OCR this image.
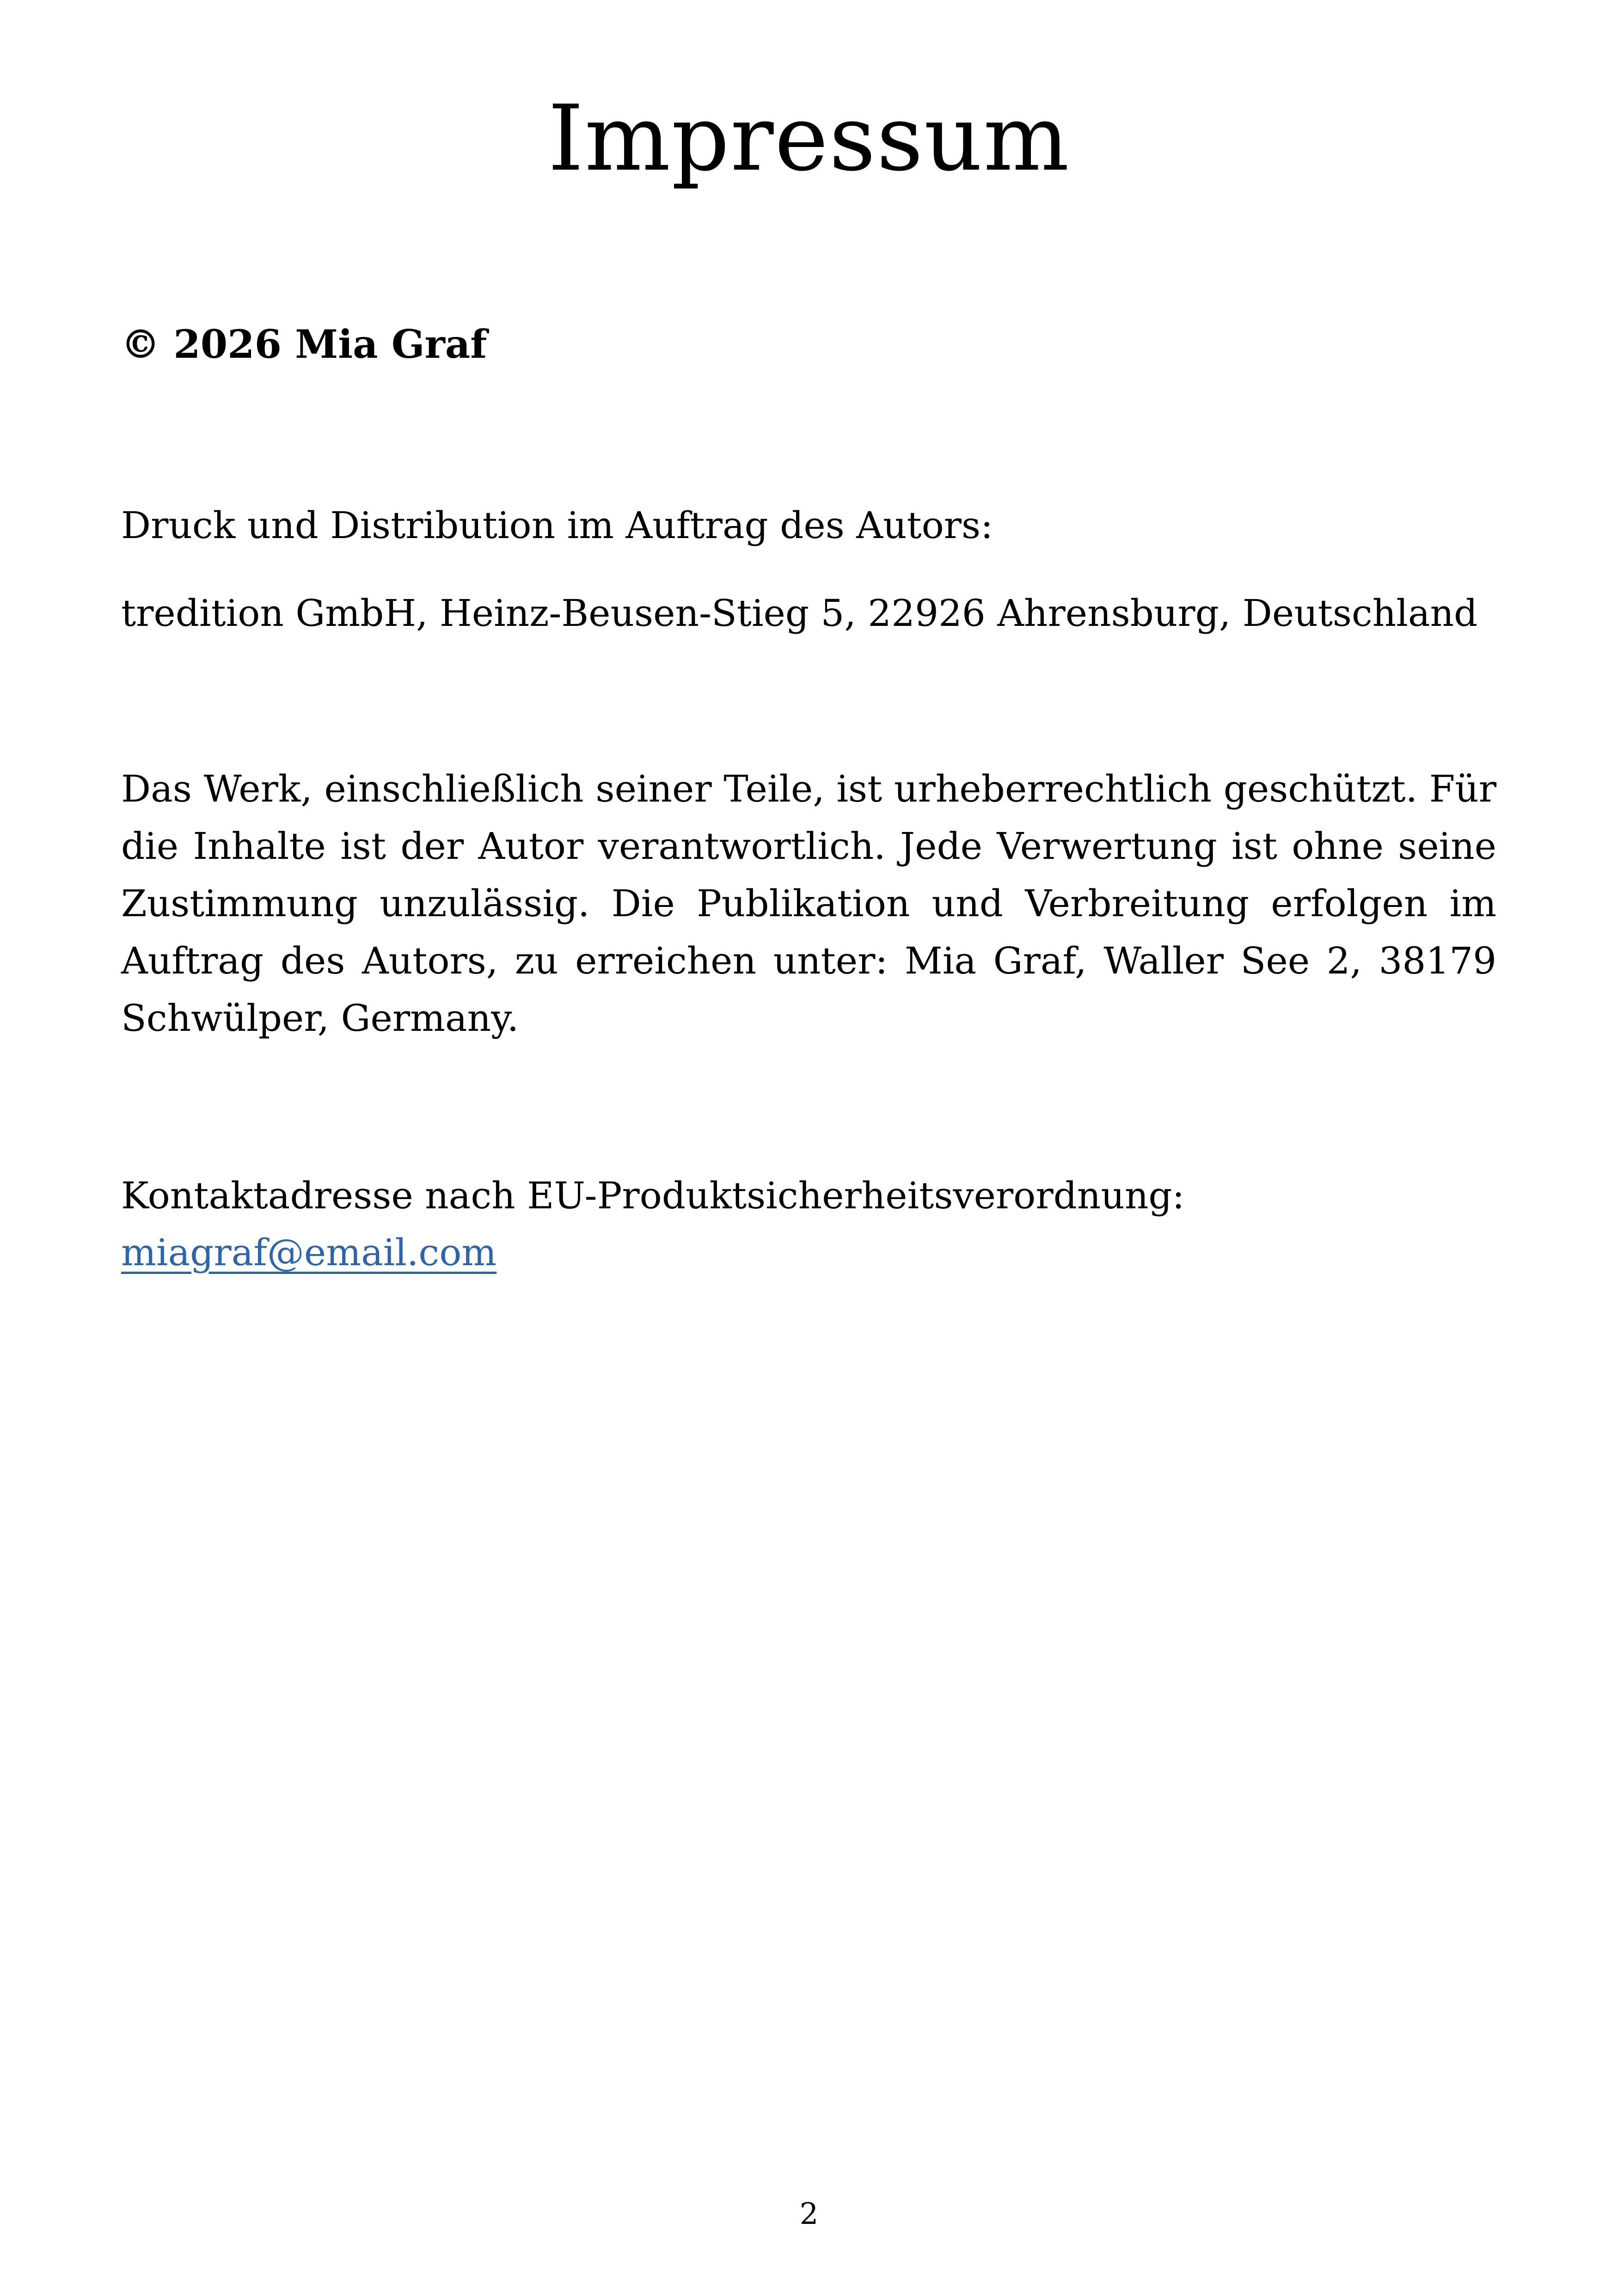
Impressum

© 2026 Mia Graf

Druck und Distribution im Auftrag des Autors:

tredition GmbH, Heinz-Beusen-Stieg 5, 22926 Ahrensburg, Deutschland

Das Werk, einschließlich seiner Teile, ist urheberrechtlich geschützt. Für die Inhalte ist der Autor verantwortlich. Jede Verwertung ist ohne seine Zustimmung unzulässig. Die Publikation und Verbreitung erfolgen im Auftrag des Autors, zu erreichen unter: Mia Graf, Waller See 2, 38179 Schwülper, Germany.

Kontaktadresse nach EU-Produktsicherheitsverordnung:

miagraf@email.com

2
